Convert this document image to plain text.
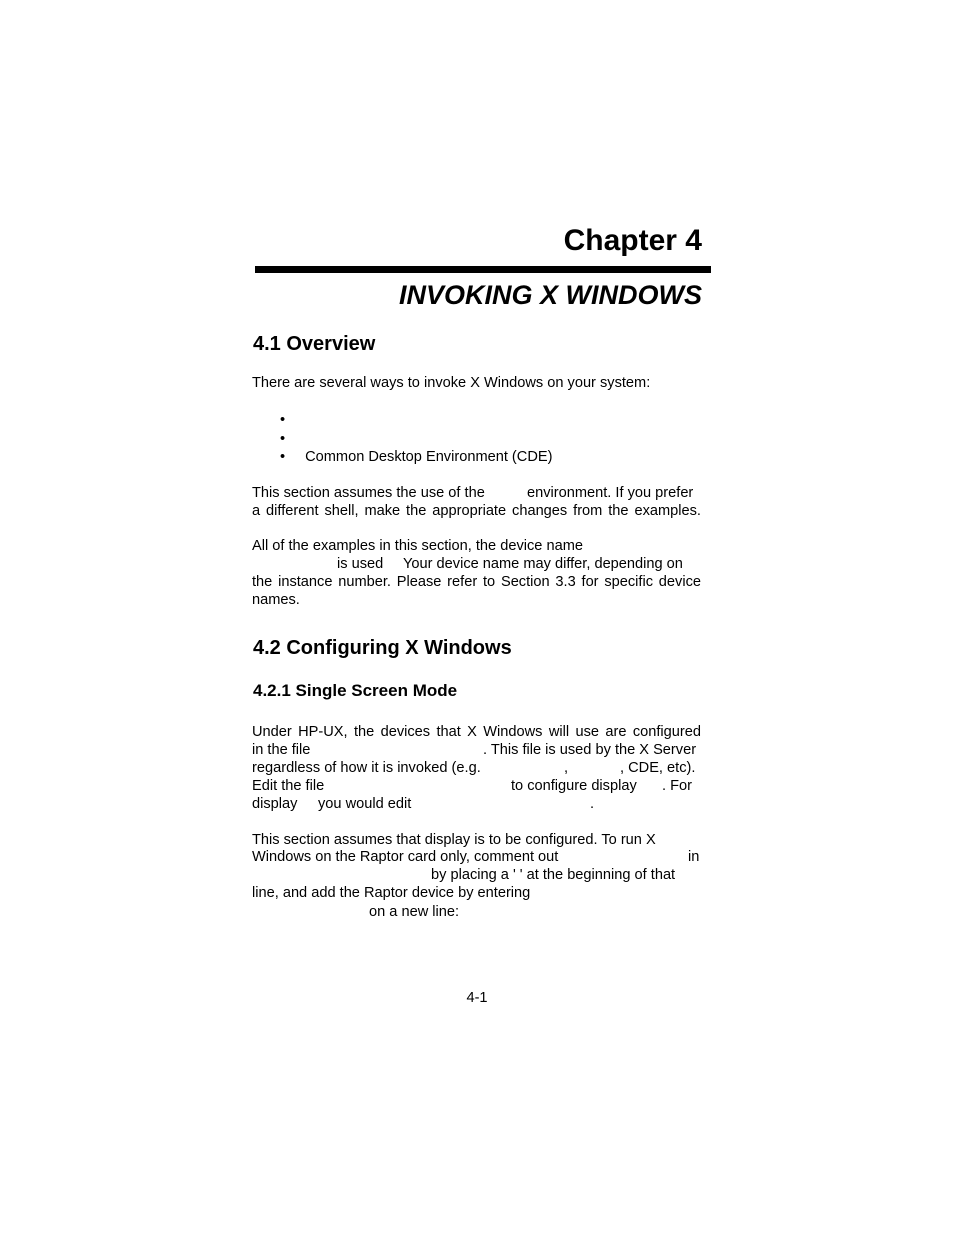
Chapter 4
INVOKING X WINDOWS
4.1 Overview
There are several ways to invoke X Windows on your system:
•
•
• Common Desktop Environment (CDE)
This section assumes the use of the	environment. If you prefer
a different shell, make the appropriate changes from the examples.
All of the examples in this section, the device name
is used Your device name may differ, depending on
the instance number. Please refer to Section 3.3 for specific device
names.
4.2 Configuring X Windows
4.2.1 Single Screen Mode
Under HP-UX, the devices that X Windows will use are configured
in the file	. This file is used by the X Server
regardless of how it is invoked (e.g.	,	, CDE, etc).
Edit the file	to configure display . For
display you would edit	.
This section assumes that display is to be configured. To run X
Windows on the Raptor card only, comment out	in
by placing a ' ' at the beginning of that
line, and add the Raptor device by entering
on a new line:
4-1
